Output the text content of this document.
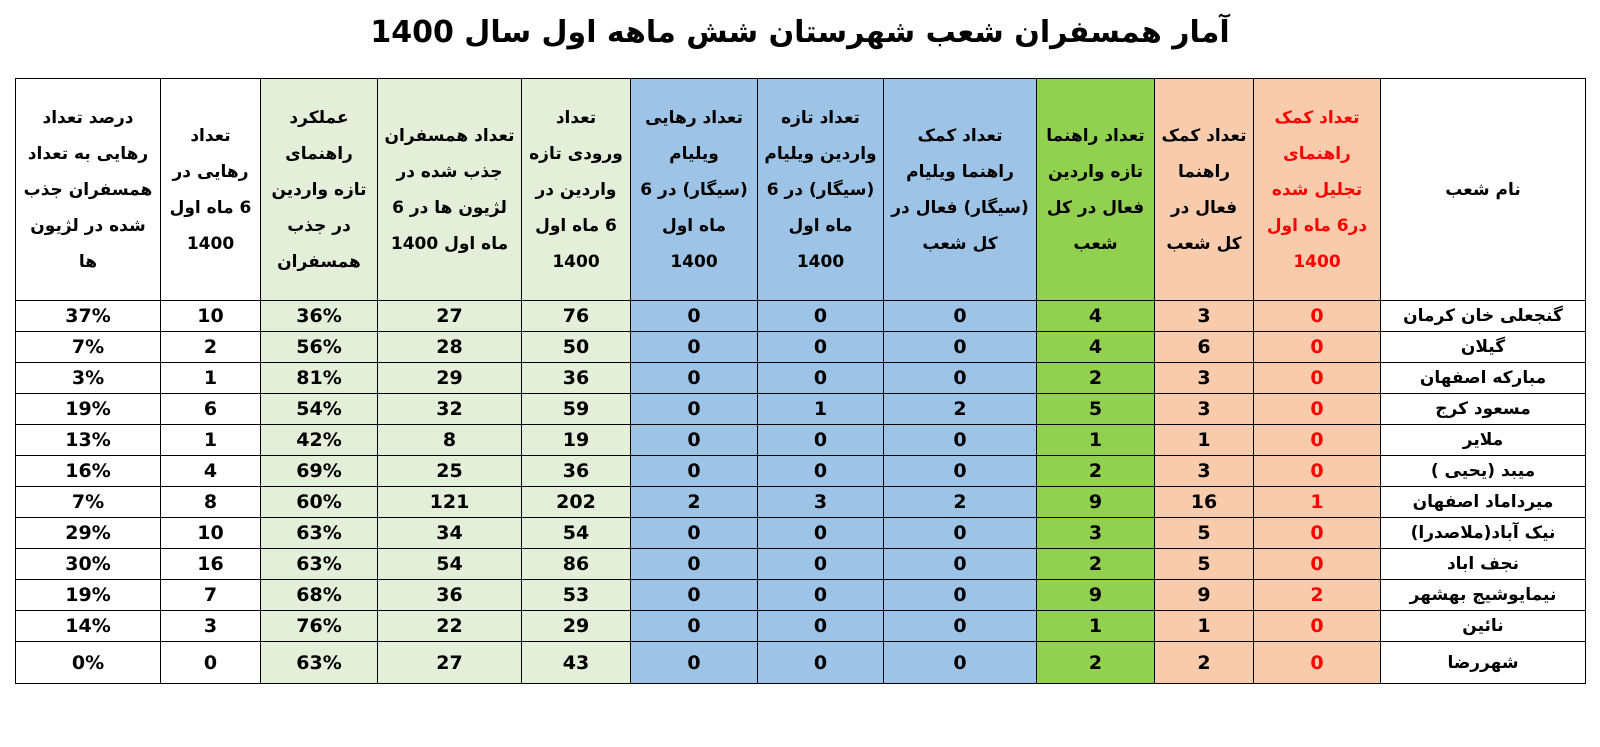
آمار همسفران شعب شهرستان شش ماهه اول سال 1400
درصد تعداد رهایی به تعداد همسفران جذب شده در لژیون ها	تعداد رهایی در 6 ماه اول 1400	عملکرد راهنمای تازه واردین در جذب همسفران	تعداد همسفران جذب شده در لژیون ها در 6 ماه اول 1400	تعداد ورودی تازه واردین در 6 ماه اول 1400	تعداد رهایی ویلیام (سیگار) در 6 ماه اول 1400	تعداد تازه واردین ویلیام (سیگار) در 6 ماه اول 1400	تعداد کمک راهنما ویلیام (سیگار) فعال در کل شعب	تعداد راهنما تازه واردین فعال در کل شعب	تعداد کمک راهنما فعال در کل شعب	تعداد کمک راهنمای تجلیل شده در6 ماه اول 1400	نام شعب
37%	10	36%	27	76	0	0	0	4	3	0	گنجعلی خان کرمان
7%	2	56%	28	50	0	0	0	4	6	0	گیلان
3%	1	81%	29	36	0	0	0	2	3	0	مبارکه اصفهان
19%	6	54%	32	59	0	1	2	5	3	0	مسعود کرج
13%	1	42%	8	19	0	0	0	1	1	0	ملایر
16%	4	69%	25	36	0	0	0	2	3	0	میبد (یحیی )
7%	8	60%	121	202	2	3	2	9	16	1	میرداماد اصفهان
29%	10	63%	34	54	0	0	0	3	5	0	نیک آباد(ملاصدرا)
30%	16	63%	54	86	0	0	0	2	5	0	نجف اباد
19%	7	68%	36	53	0	0	0	9	9	2	نیمایوشیج بهشهر
14%	3	76%	22	29	0	0	0	1	1	0	نائین
0%	0	63%	27	43	0	0	0	2	2	0	شهررضا
